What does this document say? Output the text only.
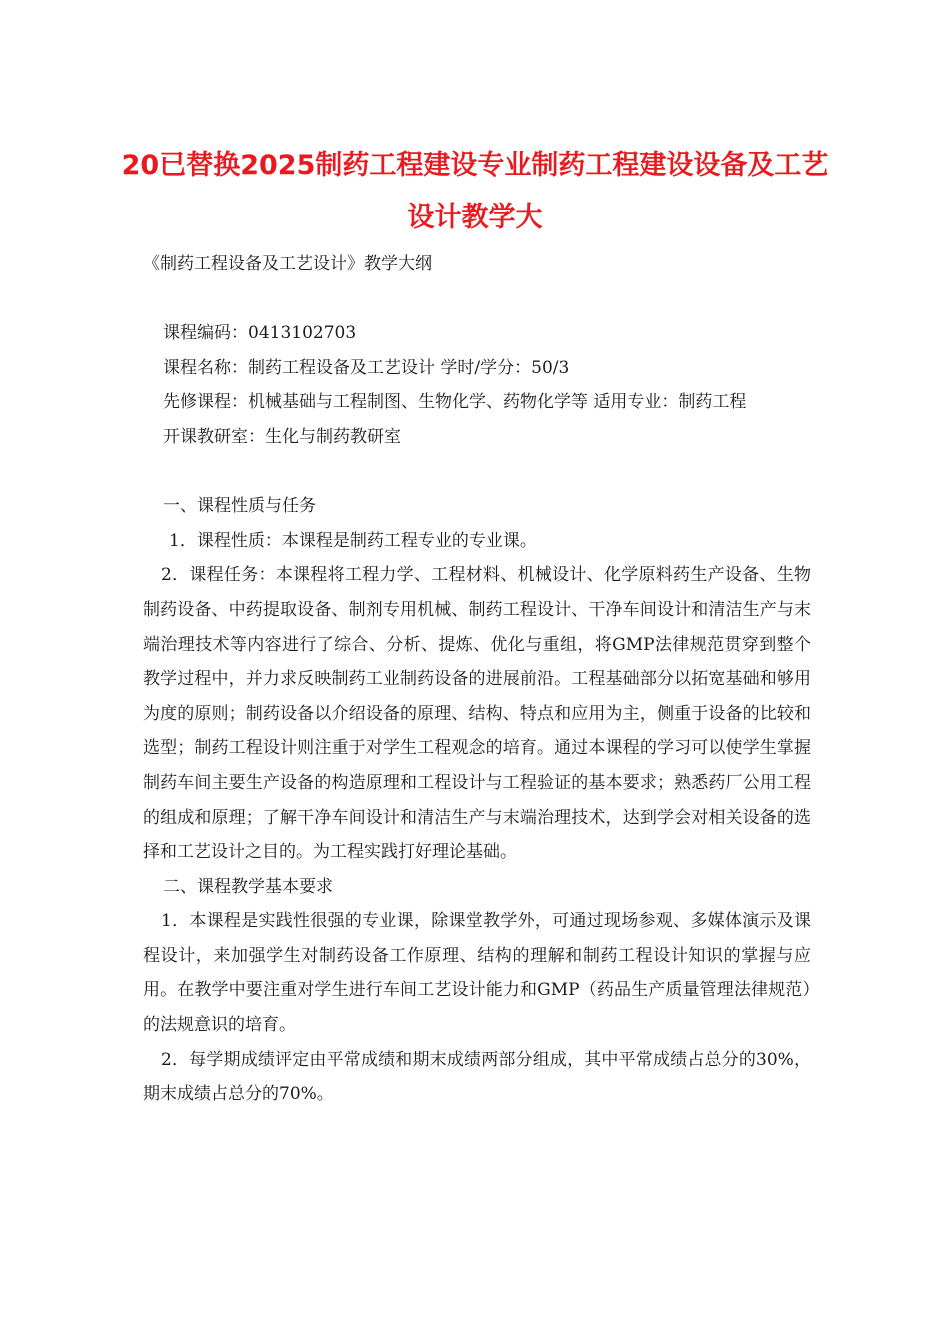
20已替换2025制药工程建设专业制药工程建设设备及工艺设计教学大

《制药工程设备及工艺设计》教学大纲

课程编码：0413102703

课程名称：制药工程设备及工艺设计 学时/学分：50/3

先修课程：机械基础与工程制图、生物化学、药物化学等 适用专业：制药工程

开课教研室：生化与制药教研室

一、课程性质与任务

1．课程性质：本课程是制药工程专业的专业课。

2．课程任务：本课程将工程力学、工程材料、机械设计、化学原料药生产设备、生物制药设备、中药提取设备、制剂专用机械、制药工程设计、干净车间设计和清洁生产与末端治理技术等内容进行了综合、分析、提炼、优化与重组，将GMP法律规范贯穿到整个教学过程中，并力求反映制药工业制药设备的进展前沿。工程基础部分以拓宽基础和够用为度的原则；制药设备以介绍设备的原理、结构、特点和应用为主，侧重于设备的比较和选型；制药工程设计则注重于对学生工程观念的培育。通过本课程的学习可以使学生掌握制药车间主要生产设备的构造原理和工程设计与工程验证的基本要求；熟悉药厂公用工程的组成和原理；了解干净车间设计和清洁生产与末端治理技术，达到学会对相关设备的选择和工艺设计之目的。为工程实践打好理论基础。

二、课程教学基本要求

1．本课程是实践性很强的专业课，除课堂教学外，可通过现场参观、多媒体演示及课程设计，来加强学生对制药设备工作原理、结构的理解和制药工程设计知识的掌握与应用。在教学中要注重对学生进行车间工艺设计能力和GMP（药品生产质量管理法律规范）的法规意识的培育。

2．每学期成绩评定由平常成绩和期末成绩两部分组成，其中平常成绩占总分的30%，期末成绩占总分的70%。
